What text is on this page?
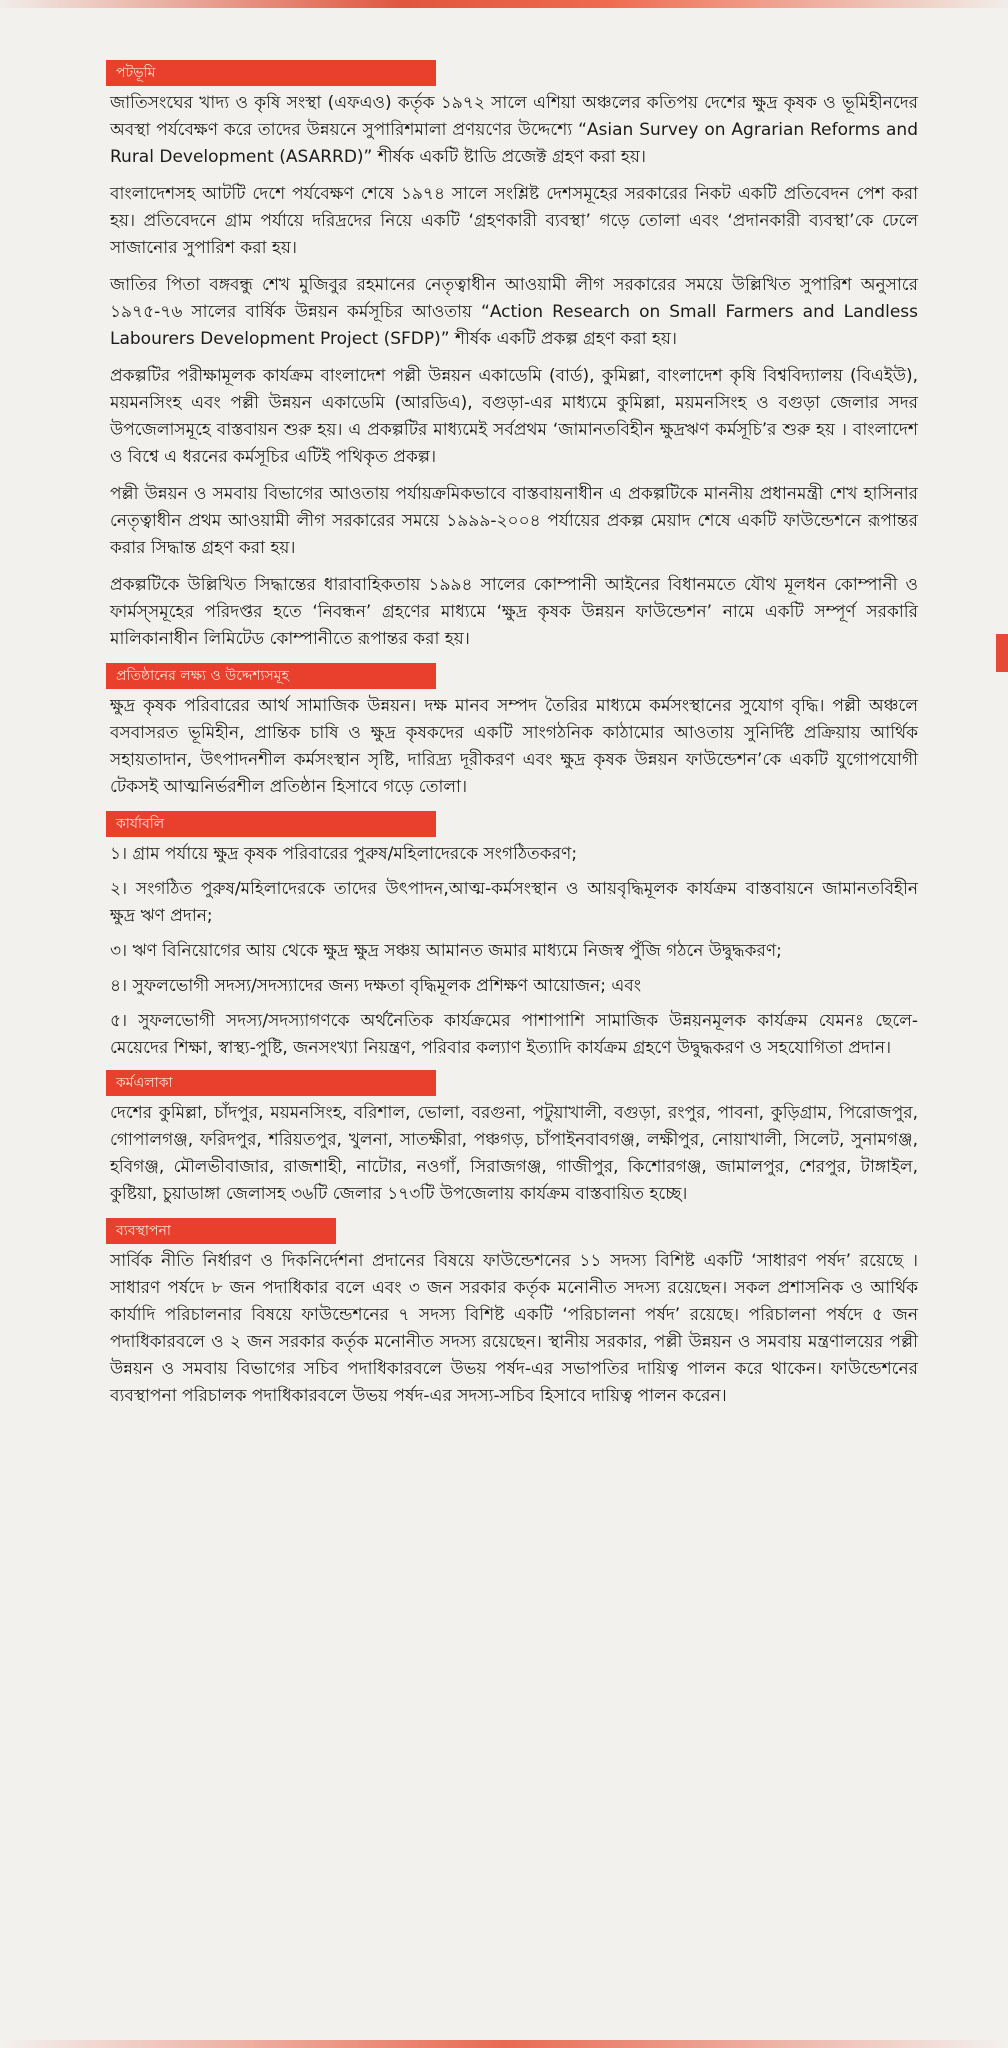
পটভূমি

জাতিসংঘের খাদ্য ও কৃষি সংস্থা (এফএও) কর্তৃক ১৯৭২ সালে এশিয়া অঞ্চলের কতিপয় দেশের ক্ষুদ্র কৃষক ও ভূমিহীনদের অবস্থা পর্যবেক্ষণ করে তাদের উন্নয়নে সুপারিশমালা প্রণয়ণের উদ্দেশ্যে “Asian Survey on Agrarian Reforms and Rural Development (ASARRD)” শীর্ষক একটি ষ্টাডি প্রজেক্ট গ্রহণ করা হয়।

বাংলাদেশসহ আটটি দেশে পর্যবেক্ষণ শেষে ১৯৭৪ সালে সংশ্লিষ্ট দেশসমূহের সরকারের নিকট একটি প্রতিবেদন পেশ করা হয়। প্রতিবেদনে গ্রাম পর্যায়ে দরিদ্রদের নিয়ে একটি ‘গ্রহণকারী ব্যবস্থা’ গড়ে তোলা এবং ‘প্রদানকারী ব্যবস্থা’কে ঢেলে সাজানোর সুপারিশ করা হয়।

জাতির পিতা বঙ্গবন্ধু শেখ মুজিবুর রহমানের নেতৃত্বাধীন আওয়ামী লীগ সরকারের সময়ে উল্লিখিত সুপারিশ অনুসারে ১৯৭৫-৭৬ সালের বার্ষিক উন্নয়ন কর্মসূচির আওতায় “Action Research on Small Farmers and Landless Labourers Development Project (SFDP)” শীর্ষক একটি প্রকল্প গ্রহণ করা হয়।

প্রকল্পটির পরীক্ষামূলক কার্যক্রম বাংলাদেশ পল্লী উন্নয়ন একাডেমি (বার্ড), কুমিল্লা, বাংলাদেশ কৃষি বিশ্ববিদ্যালয় (বিএইউ), ময়মনসিংহ এবং পল্লী উন্নয়ন একাডেমি (আরডিএ), বগুড়া-এর মাধ্যমে কুমিল্লা, ময়মনসিংহ ও বগুড়া জেলার সদর উপজেলাসমূহে বাস্তবায়ন শুরু হয়। এ প্রকল্পটির মাধ্যমেই সর্বপ্রথম ‘জামানতবিহীন ক্ষুদ্রঋণ কর্মসূচি’র শুরু হয় । বাংলাদেশ ও বিশ্বে এ ধরনের কর্মসূচির এটিই পথিকৃত প্রকল্প।

পল্লী উন্নয়ন ও সমবায় বিভাগের আওতায় পর্যায়ক্রমিকভাবে বাস্তবায়নাধীন এ প্রকল্পটিকে মাননীয় প্রধানমন্ত্রী শেখ হাসিনার নেতৃত্বাধীন প্রথম আওয়ামী লীগ সরকারের সময়ে ১৯৯৯-২০০৪ পর্যায়ের প্রকল্প মেয়াদ শেষে একটি ফাউন্ডেশনে রূপান্তর করার সিদ্ধান্ত গ্রহণ করা হয়।

প্রকল্পটিকে উল্লিখিত সিদ্ধান্তের ধারাবাহিকতায় ১৯৯৪ সালের কোম্পানী আইনের বিধানমতে যৌথ মূলধন কোম্পানী ও ফার্মস্সমূহের পরিদপ্তর হতে ‘নিবন্ধন’ গ্রহণের মাধ্যমে ‘ক্ষুদ্র কৃষক উন্নয়ন ফাউন্ডেশন’ নামে একটি সম্পূর্ণ সরকারি মালিকানাধীন লিমিটেড কোম্পানীতে রূপান্তর করা হয়।

প্রতিষ্ঠানের লক্ষ্য ও উদ্দেশ্যসমূহ

ক্ষুদ্র কৃষক পরিবারের আর্থ সামাজিক উন্নয়ন। দক্ষ মানব সম্পদ তৈরির মাধ্যমে কর্মসংস্থানের সুযোগ বৃদ্ধি। পল্লী অঞ্চলে বসবাসরত ভূমিহীন, প্রান্তিক চাষি ও ক্ষুদ্র কৃষকদের একটি সাংগঠনিক কাঠামোর আওতায় সুনির্দিষ্ট প্রক্রিয়ায় আর্থিক সহায়তাদান, উৎপাদনশীল কর্মসংস্থান সৃষ্টি, দারিদ্র্য দূরীকরণ এবং ক্ষুদ্র কৃষক উন্নয়ন ফাউন্ডেশন’কে একটি যুগোপযোগী টেকসই আত্মনির্ভরশীল প্রতিষ্ঠান হিসাবে গড়ে তোলা।

কার্যাবলি
১। গ্রাম পর্যায়ে ক্ষুদ্র কৃষক পরিবারের পুরুষ/মহিলাদেরকে সংগঠিতকরণ;
২। সংগঠিত পুরুষ/মহিলাদেরকে তাদের উৎপাদন,আত্ম-কর্মসংস্থান ও আয়বৃদ্ধিমূলক কার্যক্রম বাস্তবায়নে জামানতবিহীন ক্ষুদ্র ঋণ প্রদান;
৩। ঋণ বিনিয়োগের আয় থেকে ক্ষুদ্র ক্ষুদ্র সঞ্চয় আমানত জমার মাধ্যমে নিজস্ব পুঁজি গঠনে উদ্বুদ্ধকরণ;
৪। সুফলভোগী সদস্য/সদস্যাদের জন্য দক্ষতা বৃদ্ধিমূলক প্রশিক্ষণ আয়োজন; এবং
৫। সুফলভোগী সদস্য/সদস্যাগণকে অর্থনৈতিক কার্যক্রমের পাশাপাশি সামাজিক উন্নয়নমূলক কার্যক্রম যেমনঃ ছেলে-মেয়েদের শিক্ষা, স্বাস্থ্য-পুষ্টি, জনসংখ্যা নিয়ন্ত্রণ, পরিবার কল্যাণ ইত্যাদি কার্যক্রম গ্রহণে উদ্বুদ্ধকরণ ও সহযোগিতা প্রদান।
কর্মএলাকা

দেশের কুমিল্লা, চাঁদপুর, ময়মনসিংহ, বরিশাল, ভোলা, বরগুনা, পটুয়াখালী, বগুড়া, রংপুর, পাবনা, কুড়িগ্রাম, পিরোজপুর, গোপালগঞ্জ, ফরিদপুর, শরিয়তপুর, খুলনা, সাতক্ষীরা, পঞ্চগড়, চাঁপাইনবাবগঞ্জ, লক্ষীপুর, নোয়াখালী, সিলেট, সুনামগঞ্জ, হবিগঞ্জ, মৌলভীবাজার, রাজশাহী, নাটোর, নওগাঁ, সিরাজগঞ্জ, গাজীপুর, কিশোরগঞ্জ, জামালপুর, শেরপুর, টাঙ্গাইল, কুষ্টিয়া, চুয়াডাঙ্গা জেলাসহ ৩৬টি জেলার ১৭৩টি উপজেলায় কার্যক্রম বাস্তবায়িত হচ্ছে।

ব্যবস্থাপনা

সার্বিক নীতি নির্ধারণ ও দিকনির্দেশনা প্রদানের বিষয়ে ফাউন্ডেশনের ১১ সদস্য বিশিষ্ট একটি ‘সাধারণ পর্ষদ’ রয়েছে । সাধারণ পর্ষদে ৮ জন পদাধিকার বলে এবং ৩ জন সরকার কর্তৃক মনোনীত সদস্য রয়েছেন। সকল প্রশাসনিক ও আর্থিক কার্যাদি পরিচালনার বিষয়ে ফাউন্ডেশনের ৭ সদস্য বিশিষ্ট একটি ‘পরিচালনা পর্ষদ’ রয়েছে। পরিচালনা পর্ষদে ৫ জন পদাধিকারবলে ও ২ জন সরকার কর্তৃক মনোনীত সদস্য রয়েছেন। স্থানীয় সরকার, পল্লী উন্নয়ন ও সমবায় মন্ত্রণালয়ের পল্লী উন্নয়ন ও সমবায় বিভাগের সচিব পদাধিকারবলে উভয় পর্ষদ-এর সভাপতির দায়িত্ব পালন করে থাকেন। ফাউন্ডেশনের ব্যবস্থাপনা পরিচালক পদাধিকারবলে উভয় পর্ষদ-এর সদস্য-সচিব হিসাবে দায়িত্ব পালন করেন।
